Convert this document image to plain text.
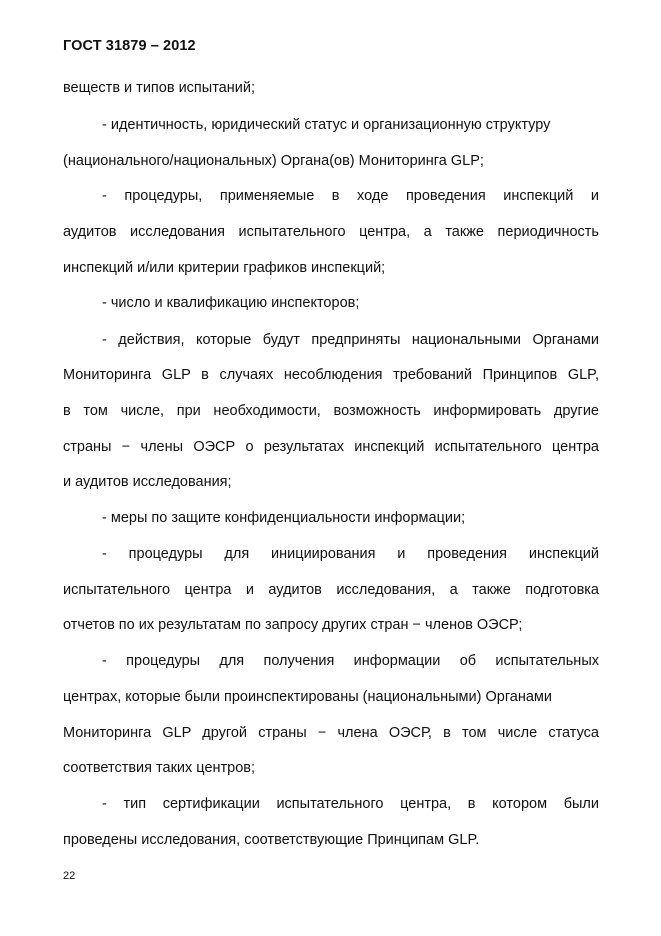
ГОСТ 31879 – 2012
веществ и типов испытаний;
- идентичность, юридический статус и организационную структуру
(национального/национальных) Органа(ов) Мониторинга GLP;
- процедуры, применяемые в ходе проведения инспекций и
аудитов исследования испытательного центра, а также периодичность
инспекций и/или критерии графиков инспекций;
- число и квалификацию инспекторов;
- действия, которые будут предприняты национальными Органами
Мониторинга GLP в случаях несоблюдения требований Принципов GLP,
в том числе, при необходимости, возможность информировать другие
страны − члены ОЭСР о результатах инспекций испытательного центра
и аудитов исследования;
- меры по защите конфиденциальности информации;
- процедуры для инициирования и проведения инспекций
испытательного центра и аудитов исследования, а также подготовка
отчетов по их результатам по запросу других стран − членов ОЭСР;
- процедуры для получения информации об испытательных
центрах, которые были проинспектированы (национальными) Органами
Мониторинга GLP другой страны − члена ОЭСР, в том числе статуса
соответствия таких центров;
- тип сертификации испытательного центра, в котором были
проведены исследования, соответствующие Принципам GLP.
22
